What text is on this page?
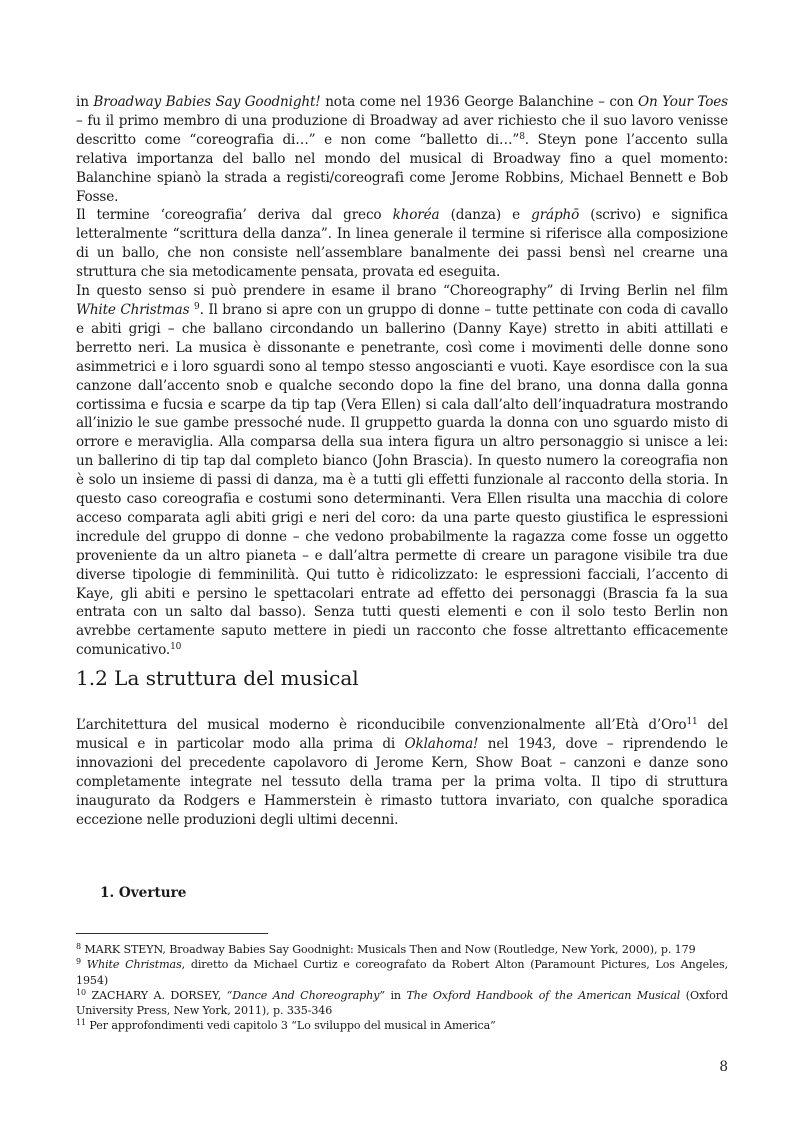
in Broadway Babies Say Goodnight! nota come nel 1936 George Balanchine – con On Your Toes – fu il primo membro di una produzione di Broadway ad aver richiesto che il suo lavoro venisse descritto come “coreografia di…” e non come “balletto di…”$^8$. Steyn pone l’accento sulla relativa importanza del ballo nel mondo del musical di Broadway fino a quel momento: Balanchine spianò la strada a registi/coreografi come Jerome Robbins, Michael Bennett e Bob Fosse.

Il termine ‘coreografia’ deriva dal greco khoréa (danza) e gráphō (scrivo) e significa letteralmente “scrittura della danza”. In linea generale il termine si riferisce alla composizione di un ballo, che non consiste nell’assemblare banalmente dei passi bensì nel crearne una struttura che sia metodicamente pensata, provata ed eseguita.

In questo senso si può prendere in esame il brano “Choreography” di Irving Berlin nel film White Christmas $^9$. Il brano si apre con un gruppo di donne – tutte pettinate con coda di cavallo e abiti grigi – che ballano circondando un ballerino (Danny Kaye) stretto in abiti attillati e berretto neri. La musica è dissonante e penetrante, così come i movimenti delle donne sono asimmetrici e i loro sguardi sono al tempo stesso angoscianti e vuoti. Kaye esordisce con la sua canzone dall’accento snob e qualche secondo dopo la fine del brano, una donna dalla gonna cortissima e fucsia e scarpe da tip tap (Vera Ellen) si cala dall’alto dell’inquadratura mostrando all’inizio le sue gambe pressoché nude. Il gruppetto guarda la donna con uno sguardo misto di orrore e meraviglia. Alla comparsa della sua intera figura un altro personaggio si unisce a lei: un ballerino di tip tap dal completo bianco (John Brascia). In questo numero la coreografia non è solo un insieme di passi di danza, ma è a tutti gli effetti funzionale al racconto della storia. In questo caso coreografia e costumi sono determinanti. Vera Ellen risulta una macchia di colore acceso comparata agli abiti grigi e neri del coro: da una parte questo giustifica le espressioni incredule del gruppo di donne – che vedono probabilmente la ragazza come fosse un oggetto proveniente da un altro pianeta – e dall’altra permette di creare un paragone visibile tra due diverse tipologie di femminilità. Qui tutto è ridicolizzato: le espressioni facciali, l’accento di Kaye, gli abiti e persino le spettacolari entrate ad effetto dei personaggi (Brascia fa la sua entrata con un salto dal basso). Senza tutti questi elementi e con il solo testo Berlin non avrebbe certamente saputo mettere in piedi un racconto che fosse altrettanto efficacemente comunicativo.$^{10}$

1.2 La struttura del musical

L’architettura del musical moderno è riconducibile convenzionalmente all’Età d’Oro$^{11}$ del musical e in particolar modo alla prima di Oklahoma! nel 1943, dove – riprendendo le innovazioni del precedente capolavoro di Jerome Kern, Show Boat – canzoni e danze sono completamente integrate nel tessuto della trama per la prima volta. Il tipo di struttura inaugurato da Rodgers e Hammerstein è rimasto tuttora invariato, con qualche sporadica eccezione nelle produzioni degli ultimi decenni.

1. Overture

$^8$ MARK STEYN, Broadway Babies Say Goodnight: Musicals Then and Now (Routledge, New York, 2000), p. 179

$^9$ White Christmas, diretto da Michael Curtiz e coreografato da Robert Alton (Paramount Pictures, Los Angeles, 1954)

$^{10}$ ZACHARY A. DORSEY, “Dance And Choreography” in The Oxford Handbook of the American Musical (Oxford University Press, New York, 2011), p. 335-346

$^{11}$ Per approfondimenti vedi capitolo 3 “Lo sviluppo del musical in America”

8
